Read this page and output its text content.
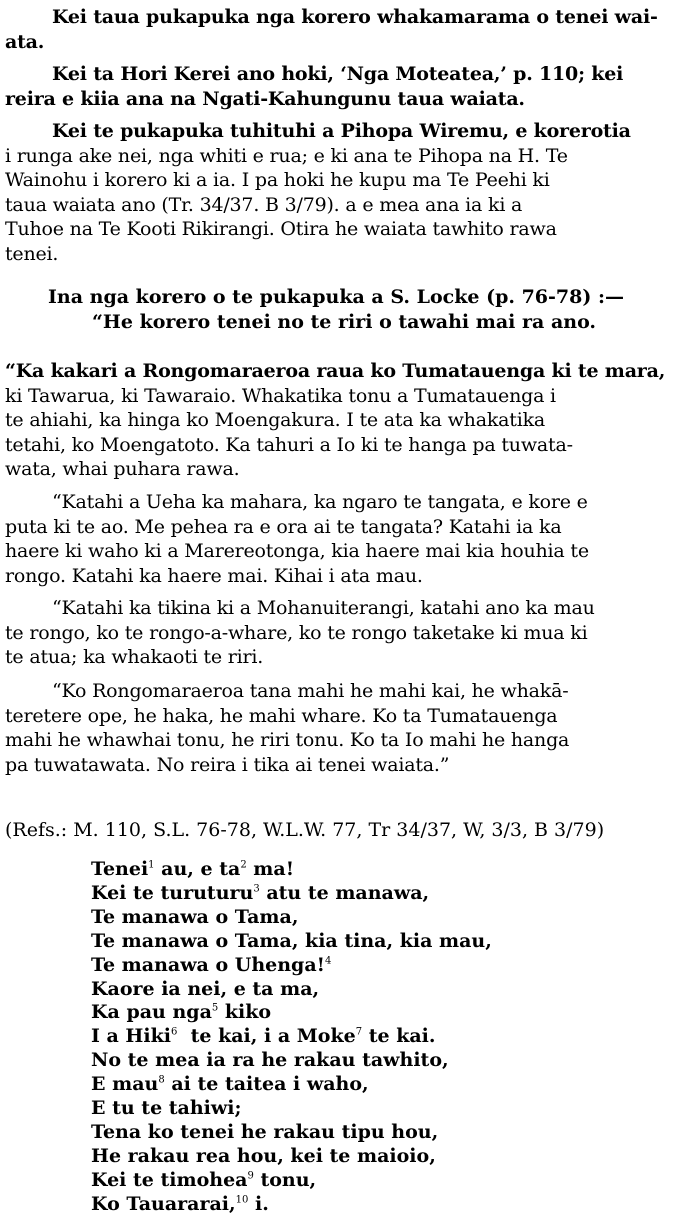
Kei taua pukapuka nga korero whakamarama o tenei wai-
ata.

Kei ta Hori Kerei ano hoki, ‘Nga Moteatea,’ p. 110; kei
reira e kiia ana na Ngati-Kahungunu taua waiata.

Kei te pukapuka tuhituhi a Pihopa Wiremu, e korerotia
i runga ake nei, nga whiti e rua; e ki ana te Pihopa na H. Te
Wainohu i korero ki a ia. I pa hoki he kupu ma Te Peehi ki
taua waiata ano (Tr. 34/37. B 3/79). a e mea ana ia ki a
Tuhoe na Te Kooti Rikirangi. Otira he waiata tawhito rawa
tenei.

Ina nga korero o te pukapuka a S. Locke (p. 76-78) :—
“He korero tenei no te riri o tawahi mai ra ano.

“Ka kakari a Rongomaraeroa raua ko Tumatauenga ki te mara,
ki Tawarua, ki Tawaraio. Whakatika tonu a Tumatauenga i
te ahiahi, ka hinga ko Moengakura. I te ata ka whakatika
tetahi, ko Moengatoto. Ka tahuri a Io ki te hanga pa tuwata-
wata, whai puhara rawa.

“Katahi a Ueha ka mahara, ka ngaro te tangata, e kore e
puta ki te ao. Me pehea ra e ora ai te tangata? Katahi ia ka
haere ki waho ki a Marereotonga, kia haere mai kia houhia te
rongo. Katahi ka haere mai. Kihai i ata mau.

“Katahi ka tikina ki a Mohanuiterangi, katahi ano ka mau
te rongo, ko te rongo-a-whare, ko te rongo taketake ki mua ki
te atua; ka whakaoti te riri.

“Ko Rongomaraeroa tana mahi he mahi kai, he whakā-
teretere ope, he haka, he mahi whare. Ko ta Tumatauenga
mahi he whawhai tonu, he riri tonu. Ko ta Io mahi he hanga
pa tuwatawata. No reira i tika ai tenei waiata.”

(Refs.: M. 110, S.L. 76-78, W.L.W. 77, Tr 34/37, W, 3/3, B 3/79)
Tenei$^1$ au, e $ta^2$ ma!
Kei te turuturu$^3$ atu te manawa,
Te manawa o Tama,
Te manawa o Tama, kia tina, kia mau,
Te manawa o Uhenga!$^4$
Kaore ia nei, e ta ma,
Ka pau nga$^5$ kiko
I a Hiki$^6$  te kai, i a Moke$^7$ te kai.
No te mea ia ra he rakau tawhito,
E mau$^8$ ai te taitea i waho,
E tu te tahiwi;
Tena ko tenei he rakau tipu hou,
He rakau rea hou, kei te maioio,
Kei te timohea$^9$ tonu,
Ko Tauararai,$^{10}$ i.
